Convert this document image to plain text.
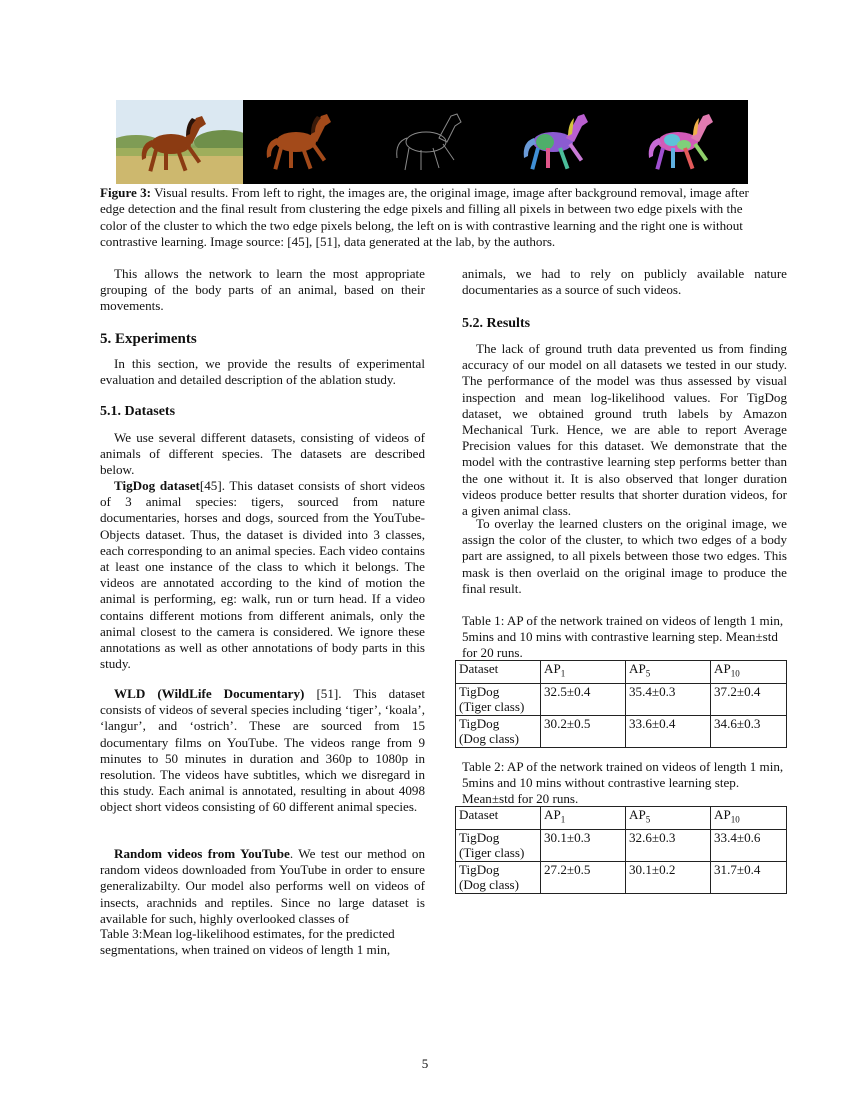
Figure 3: Visual results. From left to right, the images are, the original image, image after background removal, image after edge detection and the final result from clustering the edge pixels and filling all pixels in between two edge pixels with the color of the cluster to which the two edge pixels belong, the left on is with contrastive learning and the right one is without contrastive learning. Image source: [45], [51], data generated at the lab, by the authors.

This allows the network to learn the most appropriate grouping of the body parts of an animal, based on their movements.

5. Experiments

In this section, we provide the results of experimental evaluation and detailed description of the ablation study.

5.1. Datasets

We use several different datasets, consisting of videos of animals of different species. The datasets are described below.

TigDog dataset[45]. This dataset consists of short videos of 3 animal species: tigers, sourced from nature documentaries, horses and dogs, sourced from the YouTube-Objects dataset. Thus, the dataset is divided into 3 classes, each corresponding to an animal species. Each video contains at least one instance of the class to which it belongs. The videos are annotated according to the kind of motion the animal is performing, eg: walk, run or turn head. If a video contains different motions from different animals, only the animal closest to the camera is considered. We ignore these annotations as well as other annotations of body parts in this study.

WLD (WildLife Documentary) [51]. This dataset consists of videos of several species including ‘tiger’, ‘koala’, ‘langur’, and ‘ostrich’. These are sourced from 15 documentary films on YouTube. The videos range from 9 minutes to 50 minutes in duration and 360p to 1080p in resolution. The videos have subtitles, which we disregard in this study. Each animal is annotated, resulting in about 4098 object short videos consisting of 60 different animal species.

Random videos from YouTube. We test our method on random videos downloaded from YouTube in order to ensure generalizabilty. Our model also performs well on videos of insects, arachnids and reptiles. Since no large dataset is available for such, highly overlooked classes of

Table 3:Mean log-likelihood estimates, for the predicted segmentations, when trained on videos of length 1 min,

animals, we had to rely on publicly available nature documentaries as a source of such videos.

5.2. Results

The lack of ground truth data prevented us from finding accuracy of our model on all datasets we tested in our study. The performance of the model was thus assessed by visual inspection and mean log-likelihood values. For TigDog dataset, we obtained ground truth labels by Amazon Mechanical Turk. Hence, we are able to report Average Precision values for this dataset. We demonstrate that the model with the contrastive learning step performs better than the one without it. It is also observed that longer duration videos produce better results that shorter duration videos, for a given animal class.

To overlay the learned clusters on the original image, we assign the color of the cluster, to which two edges of a body part are assigned, to all pixels between those two edges. This mask is then overlaid on the original image to produce the final result.

Table 1: AP of the network trained on videos of length 1 min, 5mins and 10 mins with contrastive learning step. Mean±std for 20 runs.

Dataset	$AP_1$	$AP_5$	$AP_{10}$
TigDog
(Tiger class)	32.5±0.4	35.4±0.3	37.2±0.4
TigDog
(Dog class)	30.2±0.5	33.6±0.4	34.6±0.3

Table 2: AP of the network trained on videos of length 1 min, 5mins and 10 mins without contrastive learning step. Mean±std for 20 runs.

Dataset	$AP_1$	$AP_5$	$AP_{10}$
TigDog
(Tiger class)	30.1±0.3	32.6±0.3	33.4±0.6
TigDog
(Dog class)	27.2±0.5	30.1±0.2	31.7±0.4
5
